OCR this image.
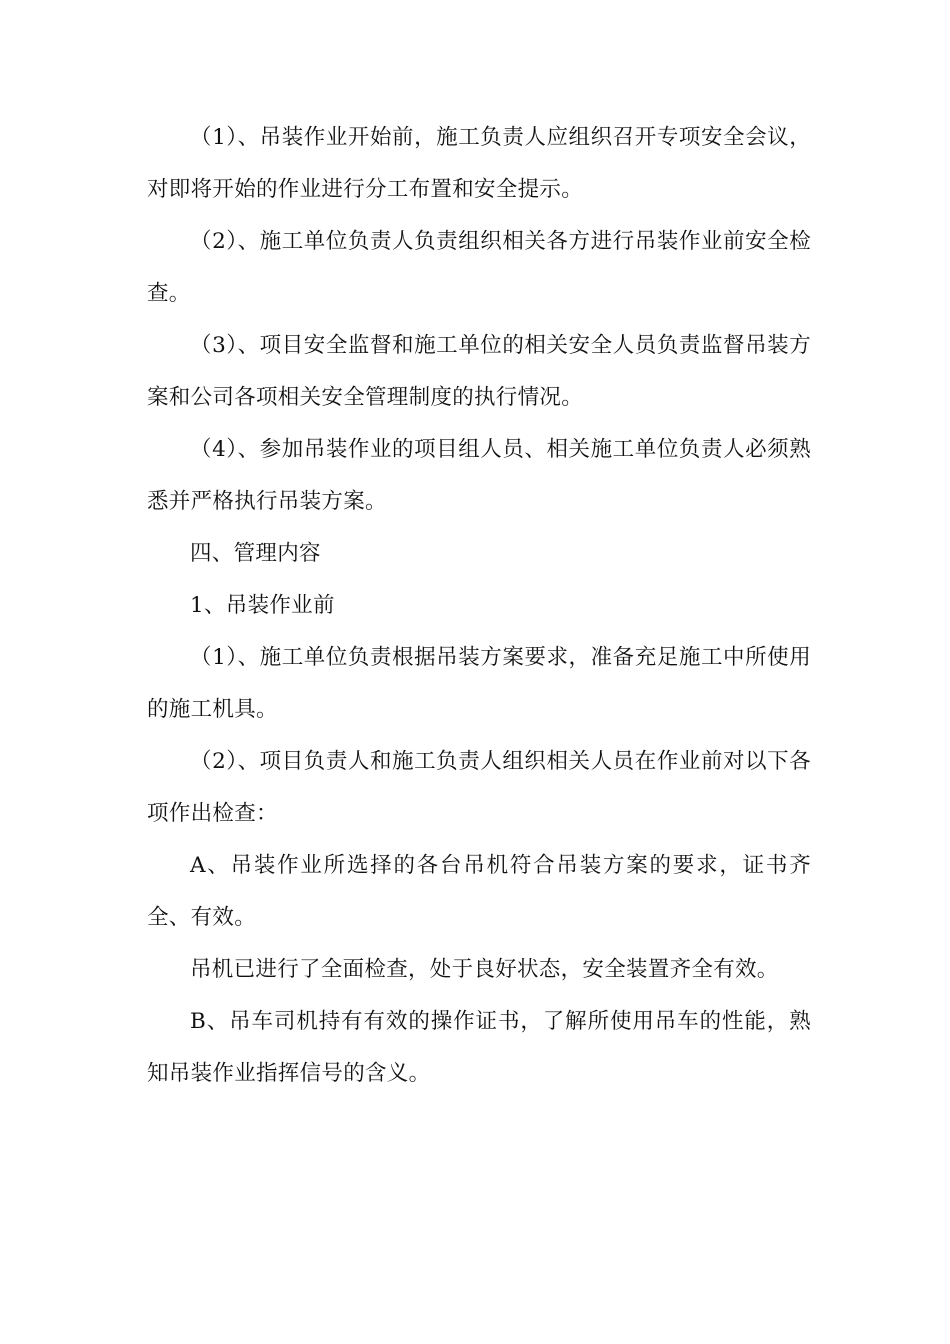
（1）、吊装作业开始前，施工负责人应组织召开专项安全会议，对即将开始的作业进行分工布置和安全提示。

（2）、施工单位负责人负责组织相关各方进行吊装作业前安全检查。

（3）、项目安全监督和施工单位的相关安全人员负责监督吊装方案和公司各项相关安全管理制度的执行情况。

（4）、参加吊装作业的项目组人员、相关施工单位负责人必须熟悉并严格执行吊装方案。

四、管理内容

1、吊装作业前

（1）、施工单位负责根据吊装方案要求，准备充足施工中所使用的施工机具。

（2）、项目负责人和施工负责人组织相关人员在作业前对以下各项作出检查：

A、吊装作业所选择的各台吊机符合吊装方案的要求，证书齐全、有效。

吊机已进行了全面检查，处于良好状态，安全装置齐全有效。

B、吊车司机持有有效的操作证书，了解所使用吊车的性能，熟知吊装作业指挥信号的含义。
